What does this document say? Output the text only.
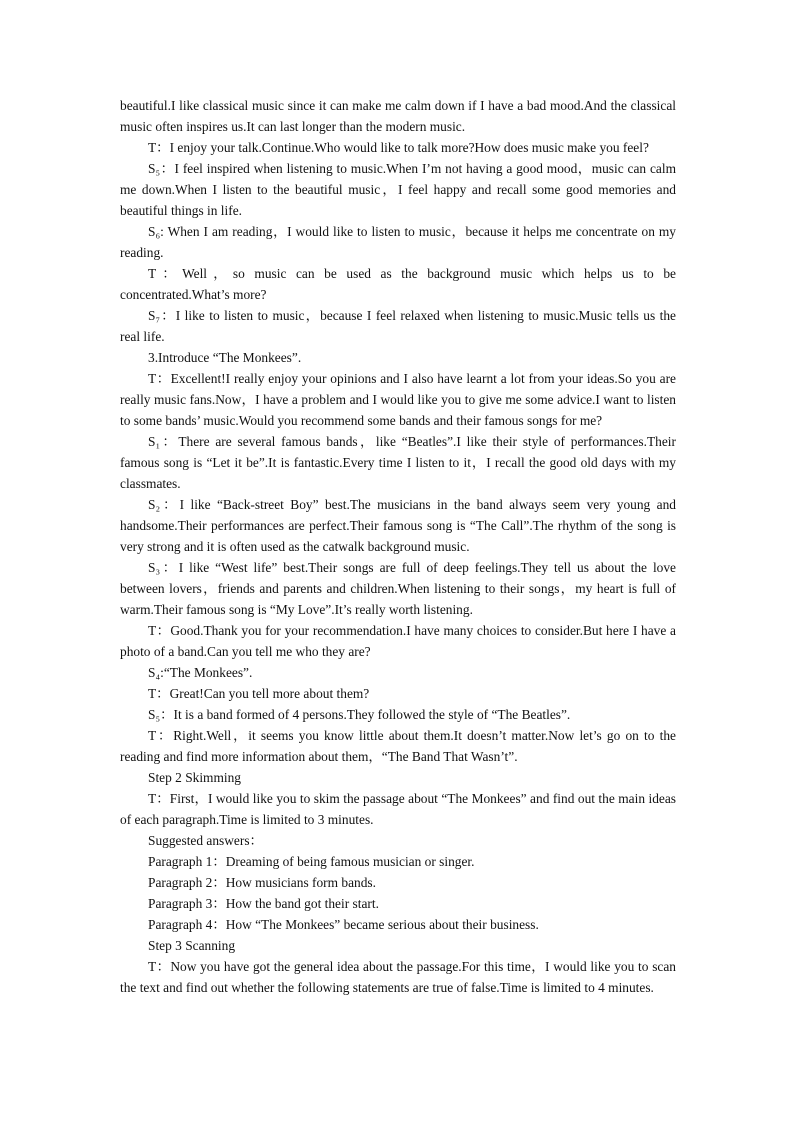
beautiful.I like classical music since it can make me calm down if I have a bad mood.And the classical music often inspires us.It can last longer than the modern music.

T：I enjoy your talk.Continue.Who would like to talk more?How does music make you feel?

S₅：I feel inspired when listening to music.When I’m not having a good mood，music can calm me down.When I listen to the beautiful music，I feel happy and recall some good memories and beautiful things in life.

S₆: When I am reading，I would like to listen to music，because it helps me concentrate on my reading.

T：Well，so music can be used as the background music which helps us to be concentrated.What’s more?

S₇：I like to listen to music，because I feel relaxed when listening to music.Music tells us the real life.

3.Introduce “The Monkees”.

T：Excellent!I really enjoy your opinions and I also have learnt a lot from your ideas.So you are really music fans.Now，I have a problem and I would like you to give me some advice.I want to listen to some bands’ music.Would you recommend some bands and their famous songs for me?

S₁：There are several famous bands，like “Beatles”.I like their style of performances.Their famous song is “Let it be”.It is fantastic.Every time I listen to it，I recall the good old days with my classmates.

S₂：I like “Back-street Boy” best.The musicians in the band always seem very young and handsome.Their performances are perfect.Their famous song is “The Call”.The rhythm of the song is very strong and it is often used as the catwalk background music.

S₃：I like “West life” best.Their songs are full of deep feelings.They tell us about the love between lovers，friends and parents and children.When listening to their songs，my heart is full of warm.Their famous song is “My Love”.It’s really worth listening.

T：Good.Thank you for your recommendation.I have many choices to consider.But here I have a photo of a band.Can you tell me who they are?

S₄:“The Monkees”.

T：Great!Can you tell more about them?

S₅：It is a band formed of 4 persons.They followed the style of “The Beatles”.

T：Right.Well，it seems you know little about them.It doesn’t matter.Now let’s go on to the reading and find more information about them，“The Band That Wasn’t”.

Step 2 Skimming

T：First，I would like you to skim the passage about “The Monkees” and find out the main ideas of each paragraph.Time is limited to 3 minutes.

Suggested answers：

Paragraph 1：Dreaming of being famous musician or singer.

Paragraph 2：How musicians form bands.

Paragraph 3：How the band got their start.

Paragraph 4：How “The Monkees” became serious about their business.

Step 3 Scanning

T：Now you have got the general idea about the passage.For this time，I would like you to scan the text and find out whether the following statements are true of false.Time is limited to 4 minutes.
